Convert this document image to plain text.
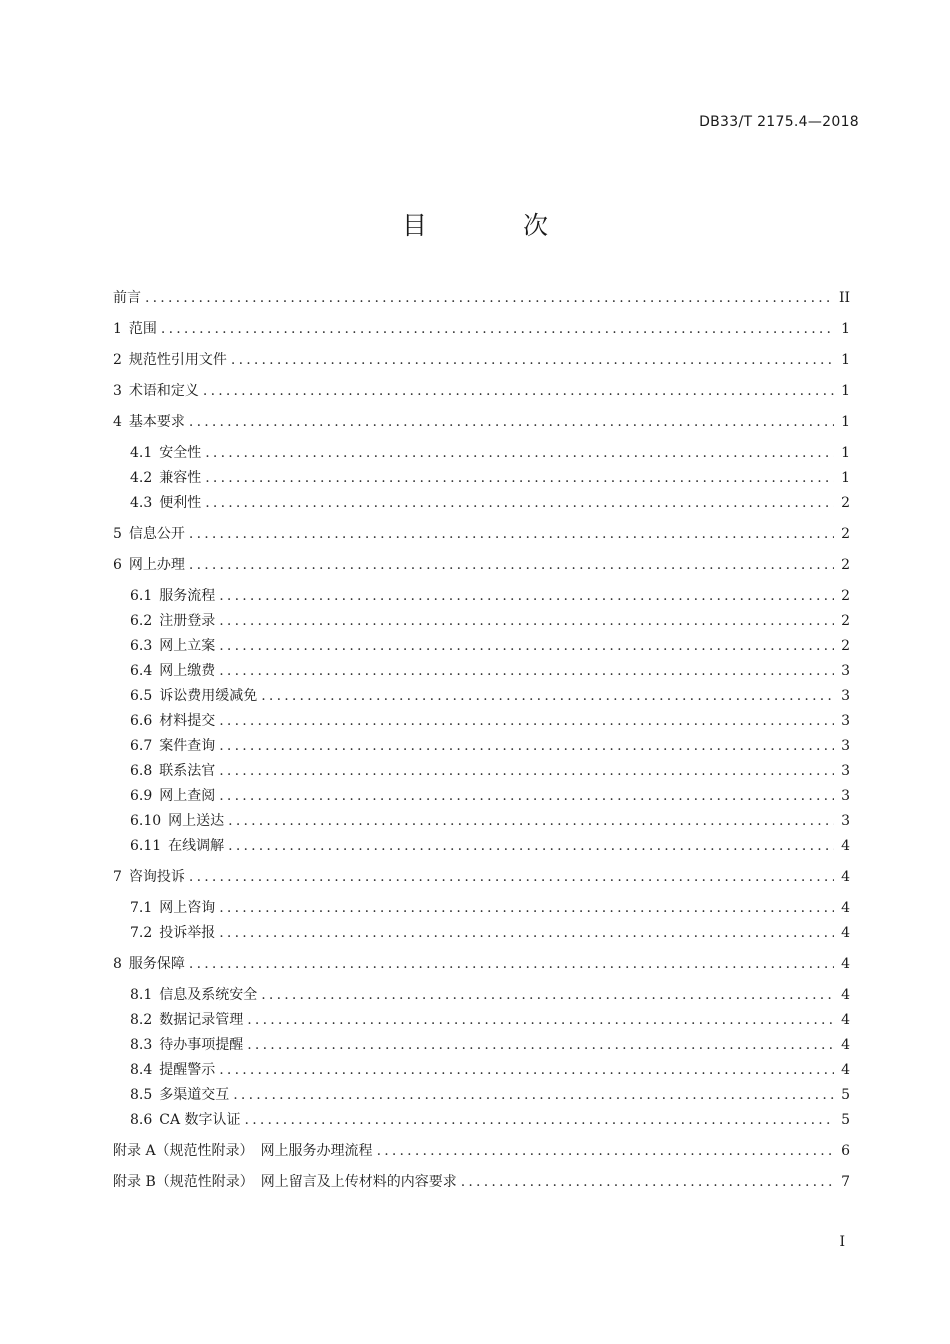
DB33/T 2175.4—2018
目 次
前言 .....	II
1 范围 .....	1
2 规范性引用文件 .....	1
3 术语和定义 .....	1
4 基本要求 .....	1
4.1 安全性 .....	1
4.2 兼容性 .....	1
4.3 便利性 .....	2
5 信息公开 .....	2
6 网上办理 .....	2
6.1 服务流程 .....	2
6.2 注册登录 .....	2
6.3 网上立案 .....	2
6.4 网上缴费 .....	3
6.5 诉讼费用缓减免 .....	3
6.6 材料提交 .....	3
6.7 案件查询 .....	3
6.8 联系法官 .....	3
6.9 网上查阅 .....	3
6.10 网上送达 .....	3
6.11 在线调解 .....	4
7 咨询投诉 .....	4
7.1 网上咨询 .....	4
7.2 投诉举报 .....	4
8 服务保障 .....	4
8.1 信息及系统安全 .....	4
8.2 数据记录管理 .....	4
8.3 待办事项提醒 .....	4
8.4 提醒警示 .....	4
8.5 多渠道交互 .....	5
8.6 CA 数字认证 .....	5
附录 A（规范性附录） 网上服务办理流程 .....	6
附录 B（规范性附录） 网上留言及上传材料的内容要求 .....	7
I
